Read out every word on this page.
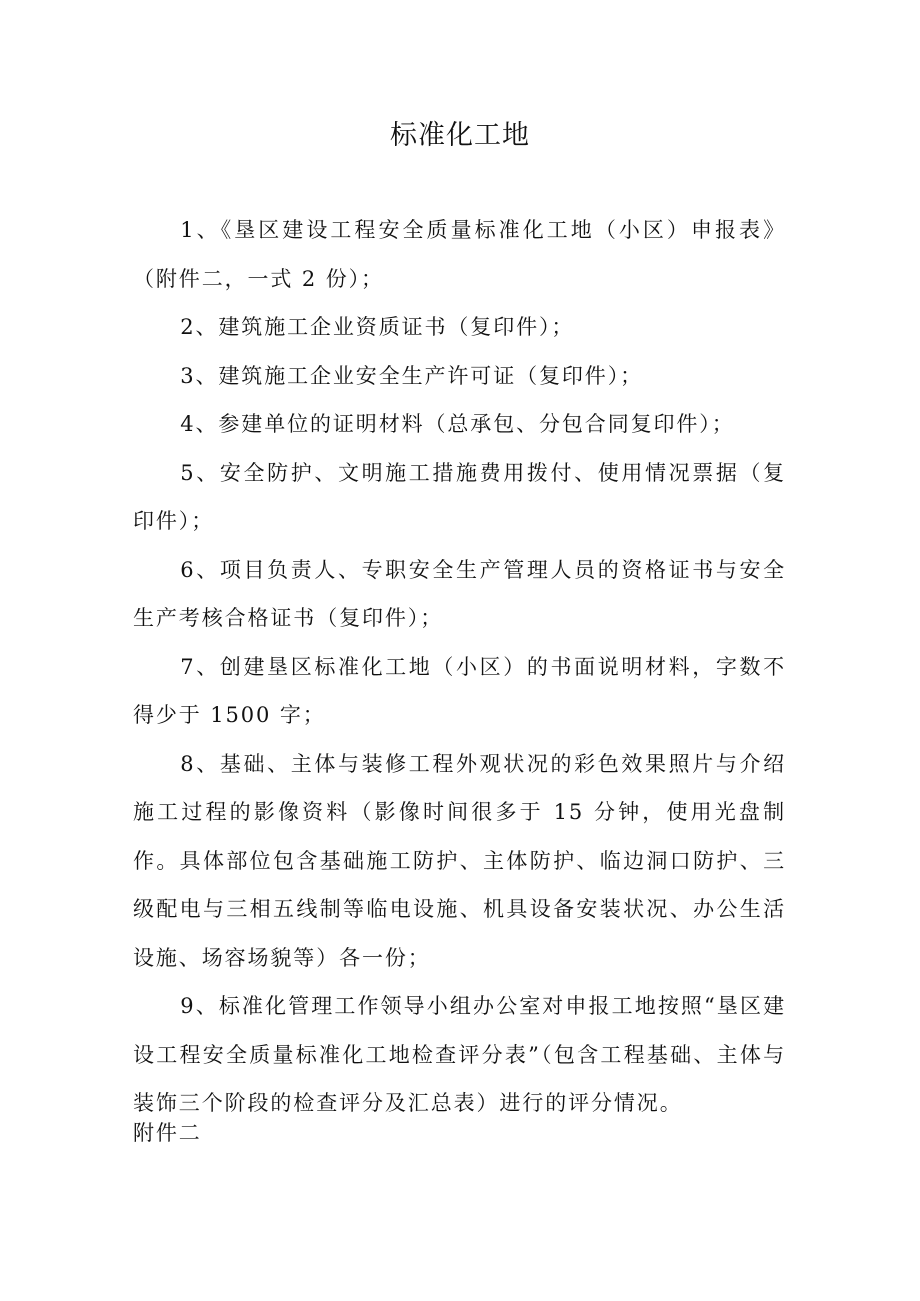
标准化工地

1、《垦区建设工程安全质量标准化工地（小区）申报表》（附件二，一式 2 份）；

2、建筑施工企业资质证书（复印件）；

3、建筑施工企业安全生产许可证（复印件）；

4、参建单位的证明材料（总承包、分包合同复印件）；

5、安全防护、文明施工措施费用拨付、使用情况票据（复印件）；

6、项目负责人、专职安全生产管理人员的资格证书与安全生产考核合格证书（复印件）；

7、创建垦区标准化工地（小区）的书面说明材料，字数不得少于 1500 字；

8、基础、主体与装修工程外观状况的彩色效果照片与介绍施工过程的影像资料（影像时间很多于 15 分钟，使用光盘制作。具体部位包含基础施工防护、主体防护、临边洞口防护、三级配电与三相五线制等临电设施、机具设备安装状况、办公生活设施、场容场貌等）各一份；

9、标准化管理工作领导小组办公室对申报工地按照“垦区建设工程安全质量标准化工地检查评分表”（包含工程基础、主体与装饰三个阶段的检查评分及汇总表）进行的评分情况。

附件二
